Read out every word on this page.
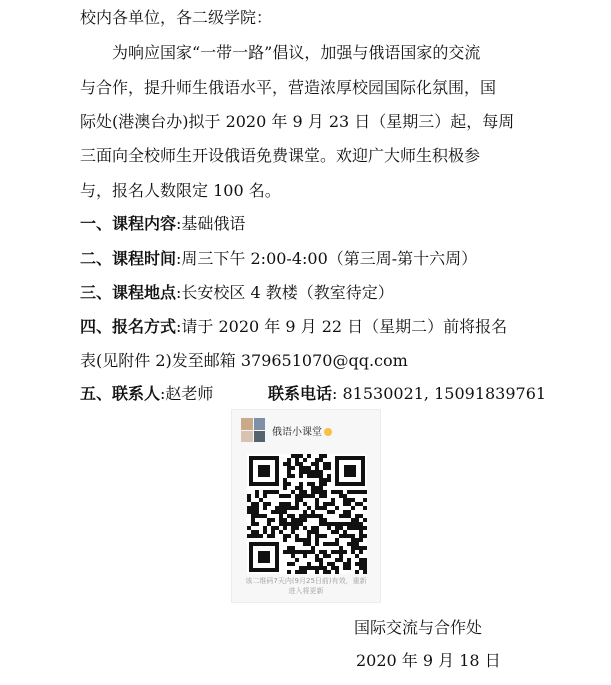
校内各单位，各二级学院：
为响应国家“一带一路”倡议，加强与俄语国家的交流
与合作，提升师生俄语水平，营造浓厚校园国际化氛围，国
际处(港澳台办)拟于 2020 年 9 月 23 日（星期三）起，每周
三面向全校师生开设俄语免费课堂。欢迎广大师生积极参
与，报名人数限定 100 名。
一、课程内容:基础俄语
二、课程时间:周三下午 2:00-4:00（第三周-第十六周）
三、课程地点:长安校区 4 教楼（教室待定）
四、报名方式:请于 2020 年 9 月 22 日（星期二）前将报名
表(见附件 2)发至邮箱 379651070@qq.com
五、联系人:赵老师	联系电话: 81530021, 15091839761
俄语小课堂
该二维码7天内(9月25日前)有效，重新
进入将更新
国际交流与合作处
2020 年 9 月 18 日
